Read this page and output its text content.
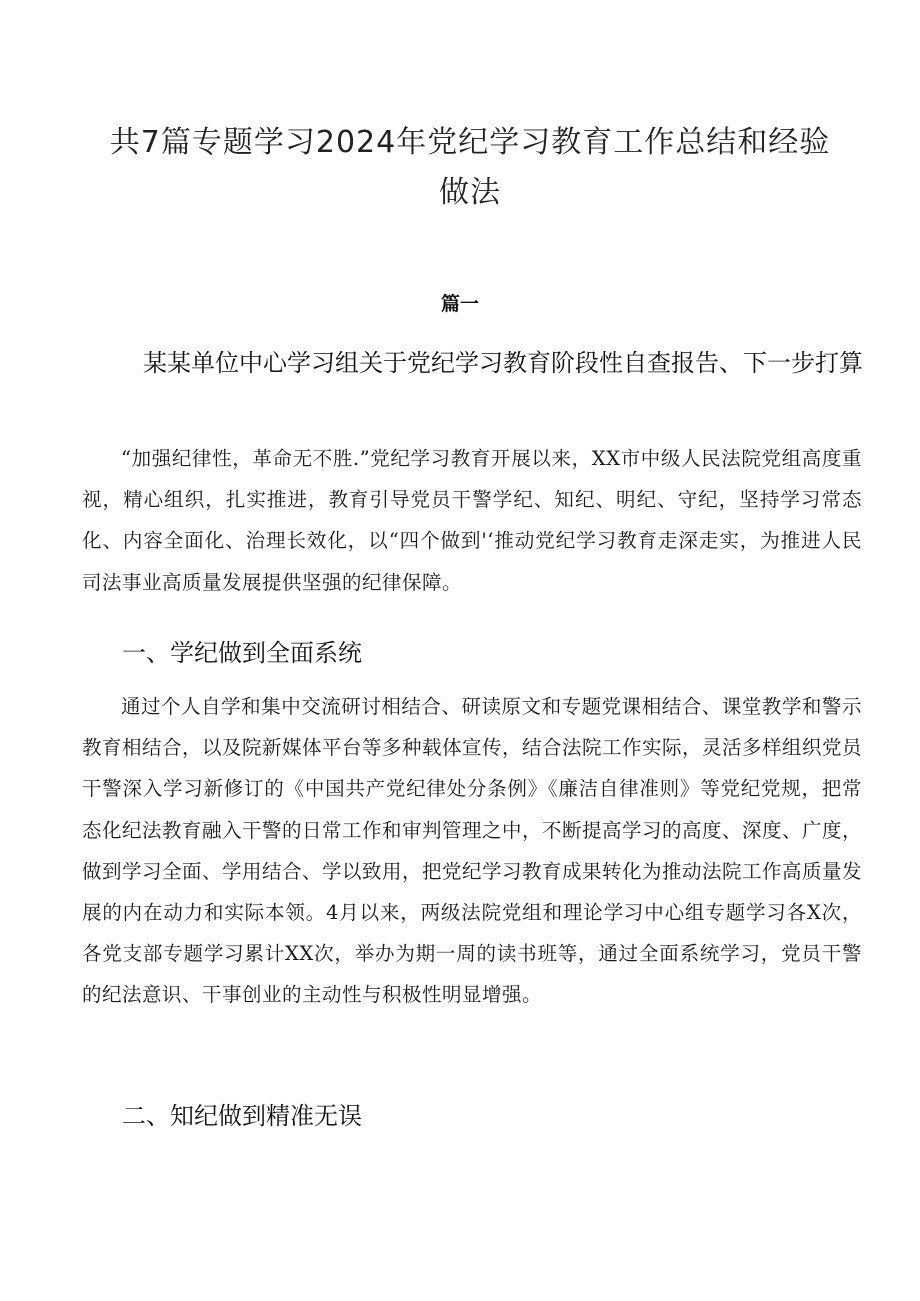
共7篇专题学习2024年党纪学习教育工作总结和经验做法
篇一
某某单位中心学习组关于党纪学习教育阶段性自查报告、下一步打算

“加强纪律性，革命无不胜.”党纪学习教育开展以来，XX市中级人民法院党组高度重视，精心组织，扎实推进，教育引导党员干警学纪、知纪、明纪、守纪，坚持学习常态化、内容全面化、治理长效化，以“四个做到'‘推动党纪学习教育走深走实，为推进人民司法事业高质量发展提供坚强的纪律保障。

一、学纪做到全面系统

通过个人自学和集中交流研讨相结合、研读原文和专题党课相结合、课堂教学和警示教育相结合，以及院新媒体平台等多种载体宣传，结合法院工作实际，灵活多样组织党员干警深入学习新修订的《中国共产党纪律处分条例》《廉洁自律准则》等党纪党规，把常态化纪法教育融入干警的日常工作和审判管理之中，不断提高学习的高度、深度、广度，做到学习全面、学用结合、学以致用，把党纪学习教育成果转化为推动法院工作高质量发展的内在动力和实际本领。4月以来，两级法院党组和理论学习中心组专题学习各X次，各党支部专题学习累计XX次，举办为期一周的读书班等，通过全面系统学习，党员干警的纪法意识、干事创业的主动性与积极性明显增强。

二、知纪做到精准无误
